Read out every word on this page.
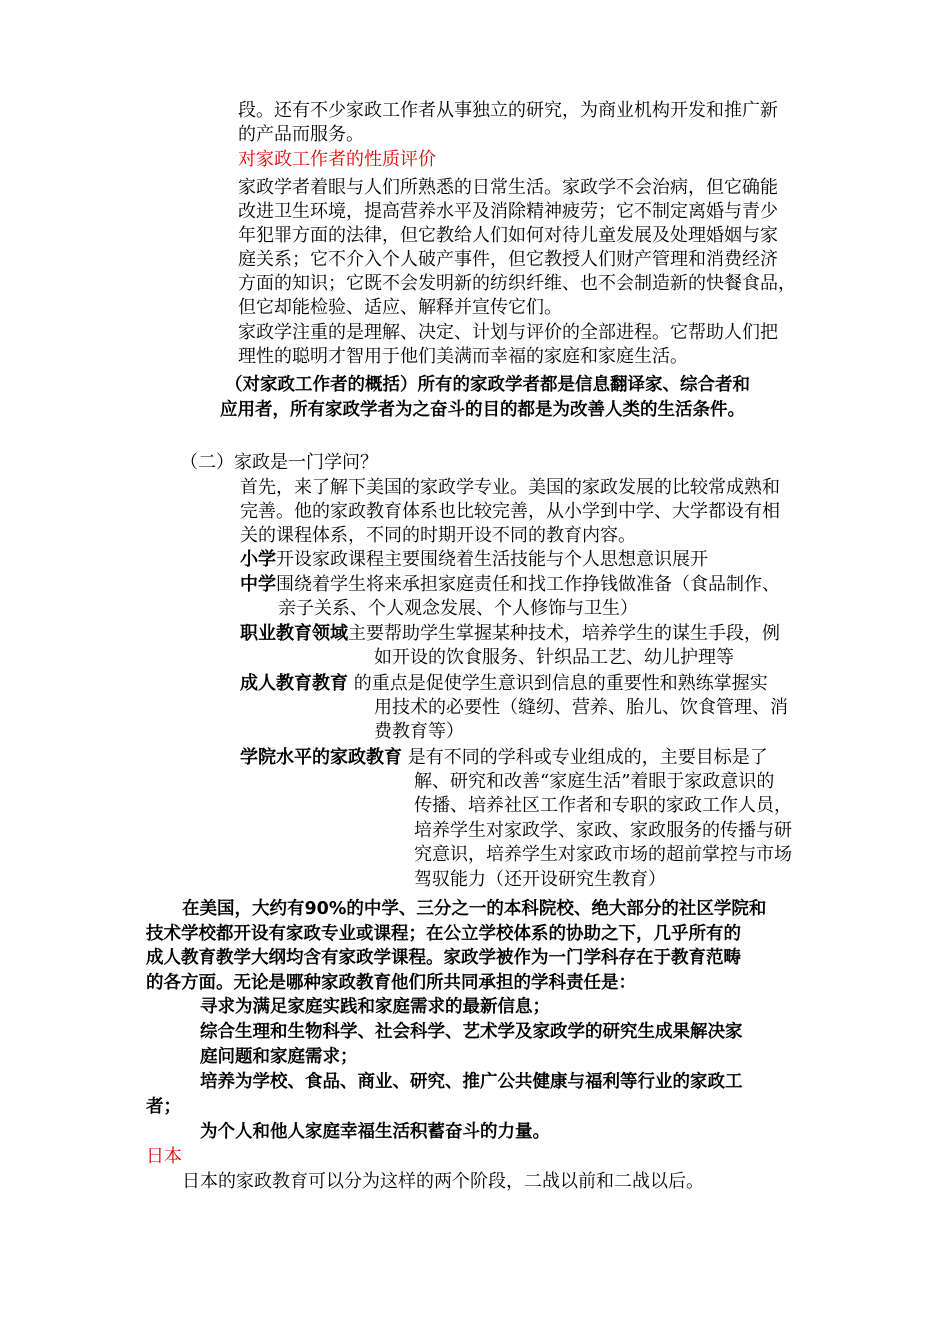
段。还有不少家政工作者从事独立的研究，为商业机构开发和推广新
的产品而服务。
对家政工作者的性质评价
家政学者着眼与人们所熟悉的日常生活。家政学不会治病，但它确能
改进卫生环境，提高营养水平及消除精神疲劳；它不制定离婚与青少
年犯罪方面的法律，但它教给人们如何对待儿童发展及处理婚姻与家
庭关系；它不介入个人破产事件，但它教授人们财产管理和消费经济
方面的知识；它既不会发明新的纺织纤维、也不会制造新的快餐食品，
但它却能检验、适应、解释并宣传它们。
家政学注重的是理解、决定、计划与评价的全部进程。它帮助人们把
理性的聪明才智用于他们美满而幸福的家庭和家庭生活。
（对家政工作者的概括）所有的家政学者都是信息翻译家、综合者和
应用者，所有家政学者为之奋斗的目的都是为改善人类的生活条件。
（二）家政是一门学问？
首先，来了解下美国的家政学专业。美国的家政发展的比较常成熟和
完善。他的家政教育体系也比较完善，从小学到中学、大学都设有相
关的课程体系，不同的时期开设不同的教育内容。
小学开设家政课程主要围绕着生活技能与个人思想意识展开
中学围绕着学生将来承担家庭责任和找工作挣钱做准备（食品制作、
亲子关系、个人观念发展、个人修饰与卫生）
职业教育领域主要帮助学生掌握某种技术，培养学生的谋生手段，例
如开设的饮食服务、针织品工艺、幼儿护理等
成人教育教育 的重点是促使学生意识到信息的重要性和熟练掌握实
用技术的必要性（缝纫、营养、胎儿、饮食管理、消
费教育等）
学院水平的家政教育 是有不同的学科或专业组成的，主要目标是了
解、研究和改善“家庭生活”着眼于家政意识的
传播、培养社区工作者和专职的家政工作人员，
培养学生对家政学、家政、家政服务的传播与研
究意识，培养学生对家政市场的超前掌控与市场
驾驭能力（还开设研究生教育）
在美国，大约有90%的中学、三分之一的本科院校、绝大部分的社区学院和
技术学校都开设有家政专业或课程；在公立学校体系的协助之下，几乎所有的
成人教育教学大纲均含有家政学课程。家政学被作为一门学科存在于教育范畴
的各方面。无论是哪种家政教育他们所共同承担的学科责任是：
寻求为满足家庭实践和家庭需求的最新信息；
综合生理和生物科学、社会科学、艺术学及家政学的研究生成果解决家
庭问题和家庭需求；
培养为学校、食品、商业、研究、推广公共健康与福利等行业的家政工
者；
为个人和他人家庭幸福生活积蓄奋斗的力量。
日本
日本的家政教育可以分为这样的两个阶段，二战以前和二战以后。
